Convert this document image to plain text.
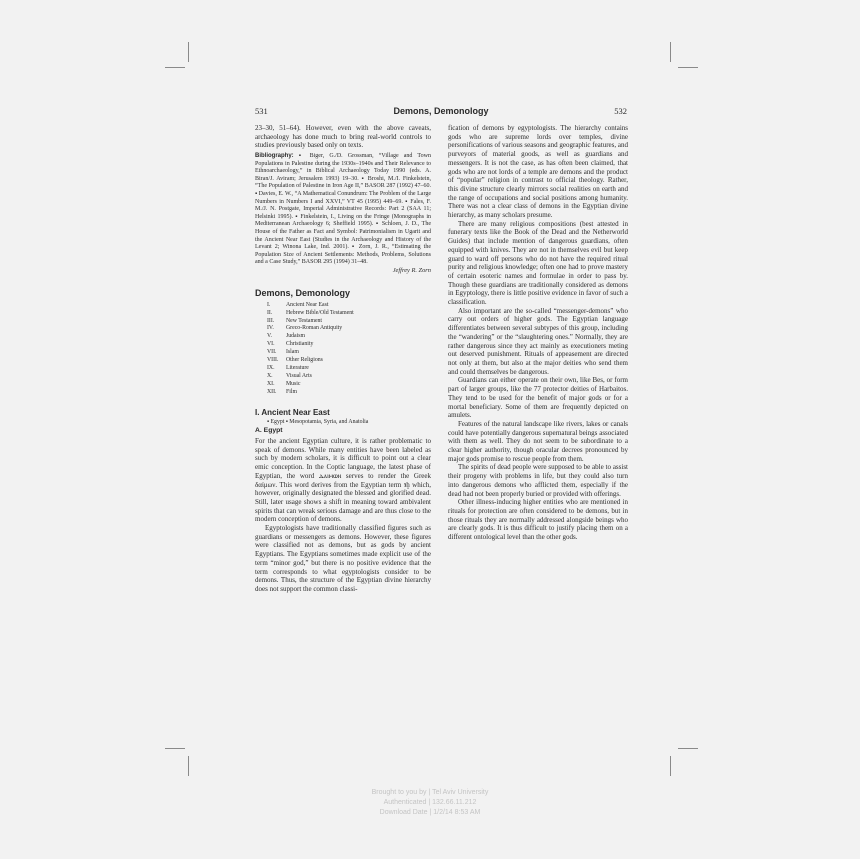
531	Demons, Demonology	532

23–30, 51–64). However, even with the above caveats, archaeology has done much to bring real-world controls to studies previously based only on texts.

Bibliography: ▪ Biger, G./D. Grossman, “Village and Town Populations in Palestine during the 1930s–1940s and Their Relevance to Ethnoarchaeology,” in Biblical Archaeology Today 1990 (eds. A. Biran/J. Aviram; Jerusalem 1993) 19–30. ▪ Broshi, M./I. Finkelstein, “The Population of Palestine in Iron Age II,” BASOR 287 (1992) 47–60. ▪ Davies, E. W., “A Mathematical Conundrum: The Problem of the Large Numbers in Numbers I and XXVI,” VT 45 (1995) 449–69. ▪ Fales, F. M./J. N. Postgate, Imperial Administrative Records: Part 2 (SAA 11; Helsinki 1995). ▪ Finkelstein, I., Living on the Fringe (Monographs in Mediterranean Archaeology 6; Sheffield 1995). ▪ Schloen, J. D., The House of the Father as Fact and Symbol: Patrimonialism in Ugarit and the Ancient Near East (Studies in the Archaeology and History of the Levant 2; Winona Lake, Ind. 2001). ▪ Zorn, J. R., “Estimating the Population Size of Ancient Settlements: Methods, Problems, Solutions and a Case Study,” BASOR 295 (1994) 31–48.

Jeffrey R. Zorn
Demons, Demonology
I.	Ancient Near East
II.	Hebrew Bible/Old Testament
III.	New Testament
IV.	Greco-Roman Antiquity
V.	Judaism
VI.	Christianity
VII.	Islam
VIII.	Other Religions
IX.	Literature
X.	Visual Arts
XI.	Music
XII.	Film
I. Ancient Near East
▪ Egypt ▪ Mesopotamia, Syria, and Anatolia
A. Egypt

For the ancient Egyptian culture, it is rather problematic to speak of demons. While many entities have been labeled as such by modern scholars, it is difficult to point out a clear emic conception. In the Coptic language, the latest phase of Egyptian, the word ⲇⲁⲓⲙⲱⲛ serves to render the Greek δαίμων. This word derives from the Egyptian term ꜣḫ which, however, originally designated the blessed and glorified dead. Still, later usage shows a shift in meaning toward ambivalent spirits that can wreak serious damage and are thus close to the modern conception of demons.

Egyptologists have traditionally classified figures such as guardians or messengers as demons. However, these figures were classified not as demons, but as gods by ancient Egyptians. The Egyptians sometimes made explicit use of the term “minor god,” but there is no positive evidence that the term corresponds to what egyptologists consider to be demons. Thus, the structure of the Egyptian divine hierarchy does not support the common classi-

fication of demons by egyptologists. The hierarchy contains gods who are supreme lords over temples, divine personifications of various seasons and geographic features, and purveyors of material goods, as well as guardians and messengers. It is not the case, as has often been claimed, that gods who are not lords of a temple are demons and the product of “popular” religion in contrast to official theology. Rather, this divine structure clearly mirrors social realities on earth and the range of occupations and social positions among humanity. There was not a clear class of demons in the Egyptian divine hierarchy, as many scholars presume.

There are many religious compositions (best attested in funerary texts like the Book of the Dead and the Netherworld Guides) that include mention of dangerous guardians, often equipped with knives. They are not in themselves evil but keep guard to ward off persons who do not have the required ritual purity and religious knowledge; often one had to prove mastery of certain esoteric names and formulae in order to pass by. Though these guardians are traditionally considered as demons in Egyptology, there is little positive evidence in favor of such a classification.

Also important are the so-called “messenger-demons” who carry out orders of higher gods. The Egyptian language differentiates between several subtypes of this group, including the “wandering” or the “slaughtering ones.” Normally, they are rather dangerous since they act mainly as executioners meting out deserved punishment. Rituals of appeasement are directed not only at them, but also at the major deities who send them and could themselves be dangerous.

Guardians can either operate on their own, like Bes, or form part of larger groups, like the 77 protector deities of Harbaitos. They tend to be used for the benefit of major gods or for a mortal beneficiary. Some of them are frequently depicted on amulets.

Features of the natural landscape like rivers, lakes or canals could have potentially dangerous supernatural beings associated with them as well. They do not seem to be subordinate to a clear higher authority, though oracular decrees pronounced by major gods promise to rescue people from them.

The spirits of dead people were supposed to be able to assist their progeny with problems in life, but they could also turn into dangerous demons who afflicted them, especially if the dead had not been properly buried or provided with offerings.

Other illness-inducing higher entities who are mentioned in rituals for protection are often considered to be demons, but in those rituals they are normally addressed alongside beings who are clearly gods. It is thus difficult to justify placing them on a different ontological level than the other gods.

Brought to you by | Tel Aviv University
Authenticated | 132.66.11.212
Download Date | 1/2/14 8:53 AM
